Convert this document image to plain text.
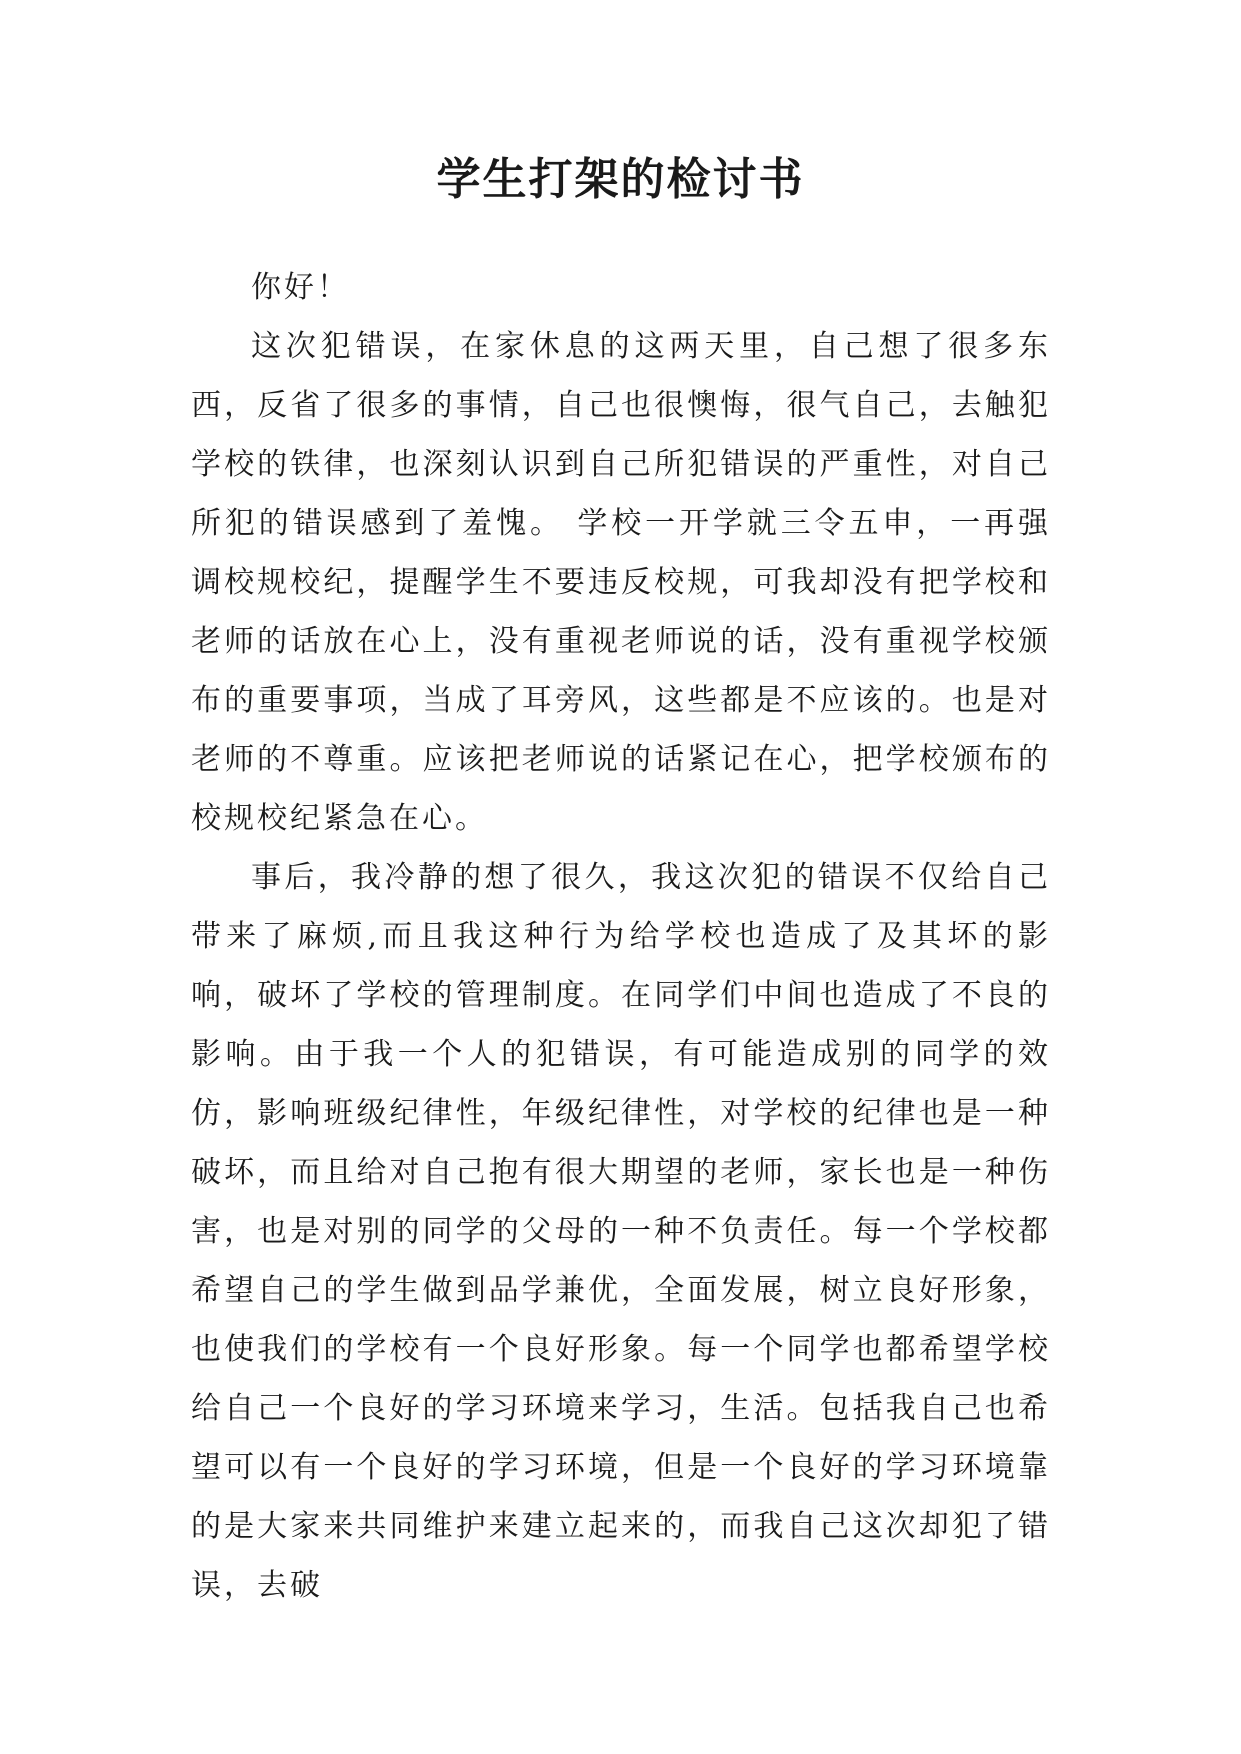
学生打架的检讨书

你好！

这次犯错误，在家休息的这两天里，自己想了很多东西，反省了很多的事情，自己也很懊悔，很气自己，去触犯学校的铁律，也深刻认识到自己所犯错误的严重性，对自己所犯的错误感到了羞愧。 学校一开学就三令五申，一再强调校规校纪，提醒学生不要违反校规，可我却没有把学校和老师的话放在心上，没有重视老师说的话，没有重视学校颁布的重要事项，当成了耳旁风，这些都是不应该的。也是对老师的不尊重。应该把老师说的话紧记在心，把学校颁布的校规校纪紧急在心。

事后，我冷静的想了很久，我这次犯的错误不仅给自己带来了麻烦,而且我这种行为给学校也造成了及其坏的影响，破坏了学校的管理制度。在同学们中间也造成了不良的影响。由于我一个人的犯错误，有可能造成别的同学的效仿，影响班级纪律性，年级纪律性，对学校的纪律也是一种破坏，而且给对自己抱有很大期望的老师，家长也是一种伤害，也是对别的同学的父母的一种不负责任。每一个学校都希望自己的学生做到品学兼优，全面发展，树立良好形象，也使我们的学校有一个良好形象。每一个同学也都希望学校给自己一个良好的学习环境来学习，生活。包括我自己也希望可以有一个良好的学习环境，但是一个良好的学习环境靠的是大家来共同维护来建立起来的，而我自己这次却犯了错误，去破
